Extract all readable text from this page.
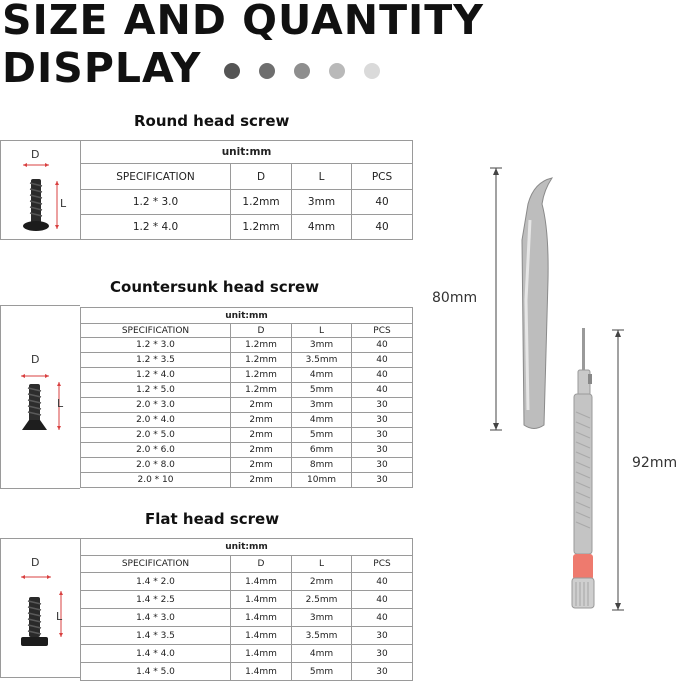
SIZE AND QUANTITY
DISPLAY
Round head screw
D
L
unit:mm			
SPECIFICATION	D	L	PCS
1.2 * 3.0	1.2mm	3mm	40
1.2 * 4.0	1.2mm	4mm	40
Countersunk head screw
D
L
unit:mm			
SPECIFICATION	D	L	PCS
1.2 * 3.0	1.2mm	3mm	40
1.2 * 3.5	1.2mm	3.5mm	40
1.2 * 4.0	1.2mm	4mm	40
1.2 * 5.0	1.2mm	5mm	40
2.0 * 3.0	2mm	3mm	30
2.0 * 4.0	2mm	4mm	30
2.0 * 5.0	2mm	5mm	30
2.0 * 6.0	2mm	6mm	30
2.0 * 8.0	2mm	8mm	30
2.0 * 10	2mm	10mm	30
Flat head screw
D
L
unit:mm			
SPECIFICATION	D	L	PCS
1.4 * 2.0	1.4mm	2mm	40
1.4 * 2.5	1.4mm	2.5mm	40
1.4 * 3.0	1.4mm	3mm	40
1.4 * 3.5	1.4mm	3.5mm	30
1.4 * 4.0	1.4mm	4mm	30
1.4 * 5.0	1.4mm	5mm	30
80mm
92mm
